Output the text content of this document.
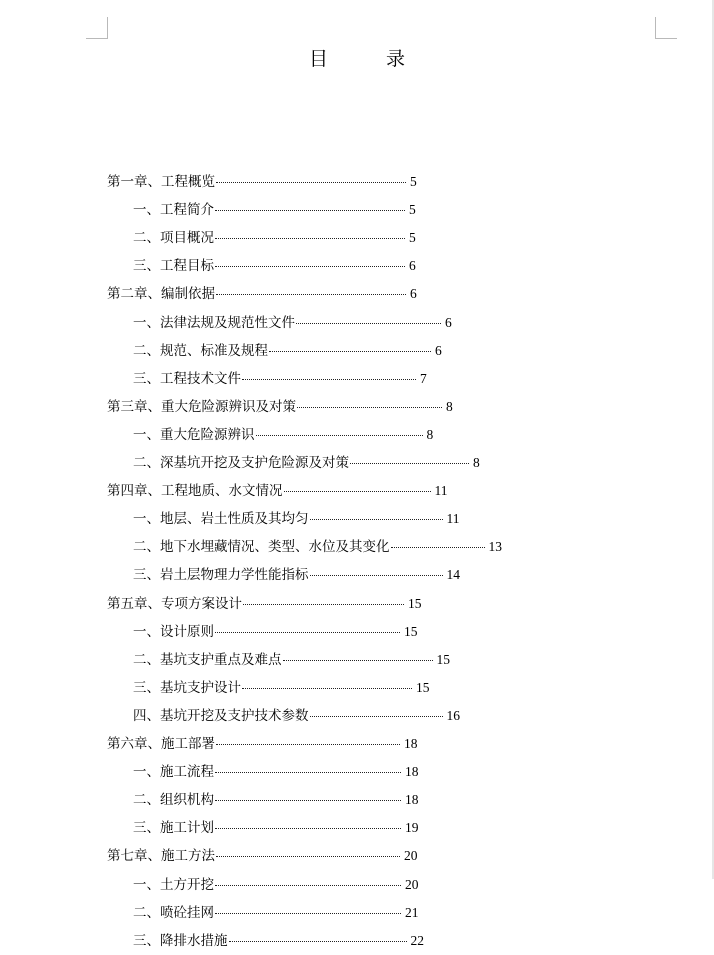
目 录
第一章、工程概览	5
一、工程简介	5
二、项目概况	5
三、工程目标	6
第二章、编制依据	6
一、法律法规及规范性文件	6
二、规范、标准及规程	6
三、工程技术文件	7
第三章、重大危险源辨识及对策	8
一、重大危险源辨识	8
二、深基坑开挖及支护危险源及对策	8
第四章、工程地质、水文情况	11
一、地层、岩土性质及其均匀	11
二、地下水埋藏情况、类型、水位及其变化	13
三、岩土层物理力学性能指标	14
第五章、专项方案设计	15
一、设计原则	15
二、基坑支护重点及难点	15
三、基坑支护设计	15
四、基坑开挖及支护技术参数	16
第六章、施工部署	18
一、施工流程	18
二、组织机构	18
三、施工计划	19
第七章、施工方法	20
一、土方开挖	20
二、喷砼挂网	21
三、降排水措施	22
